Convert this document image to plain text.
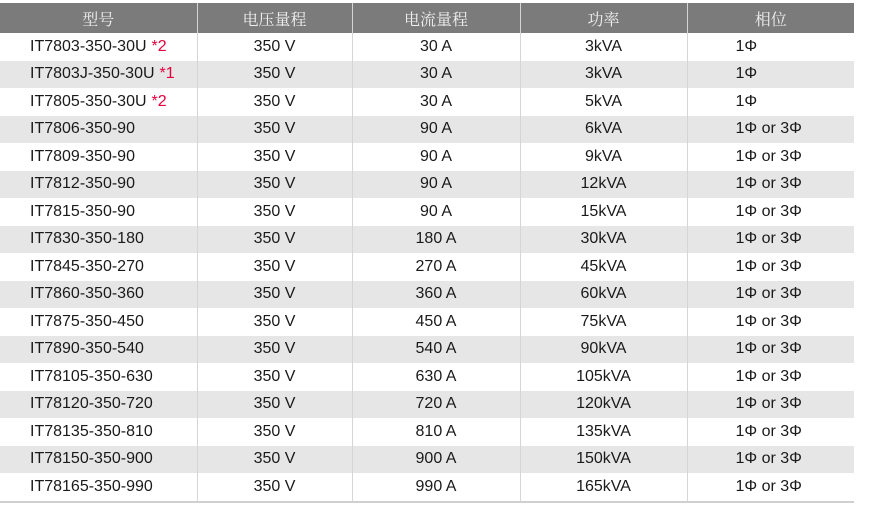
型号	电压量程	电流量程	功率	相位
IT7803-350-30U *2	350 V	30 A	3kVA	1Φ
IT7803J-350-30U *1	350 V	30 A	3kVA	1Φ
IT7805-350-30U *2	350 V	30 A	5kVA	1Φ
IT7806-350-90	350 V	90 A	6kVA	1Φ or 3Φ
IT7809-350-90	350 V	90 A	9kVA	1Φ or 3Φ
IT7812-350-90	350 V	90 A	12kVA	1Φ or 3Φ
IT7815-350-90	350 V	90 A	15kVA	1Φ or 3Φ
IT7830-350-180	350 V	180 A	30kVA	1Φ or 3Φ
IT7845-350-270	350 V	270 A	45kVA	1Φ or 3Φ
IT7860-350-360	350 V	360 A	60kVA	1Φ or 3Φ
IT7875-350-450	350 V	450 A	75kVA	1Φ or 3Φ
IT7890-350-540	350 V	540 A	90kVA	1Φ or 3Φ
IT78105-350-630	350 V	630 A	105kVA	1Φ or 3Φ
IT78120-350-720	350 V	720 A	120kVA	1Φ or 3Φ
IT78135-350-810	350 V	810 A	135kVA	1Φ or 3Φ
IT78150-350-900	350 V	900 A	150kVA	1Φ or 3Φ
IT78165-350-990	350 V	990 A	165kVA	1Φ or 3Φ
